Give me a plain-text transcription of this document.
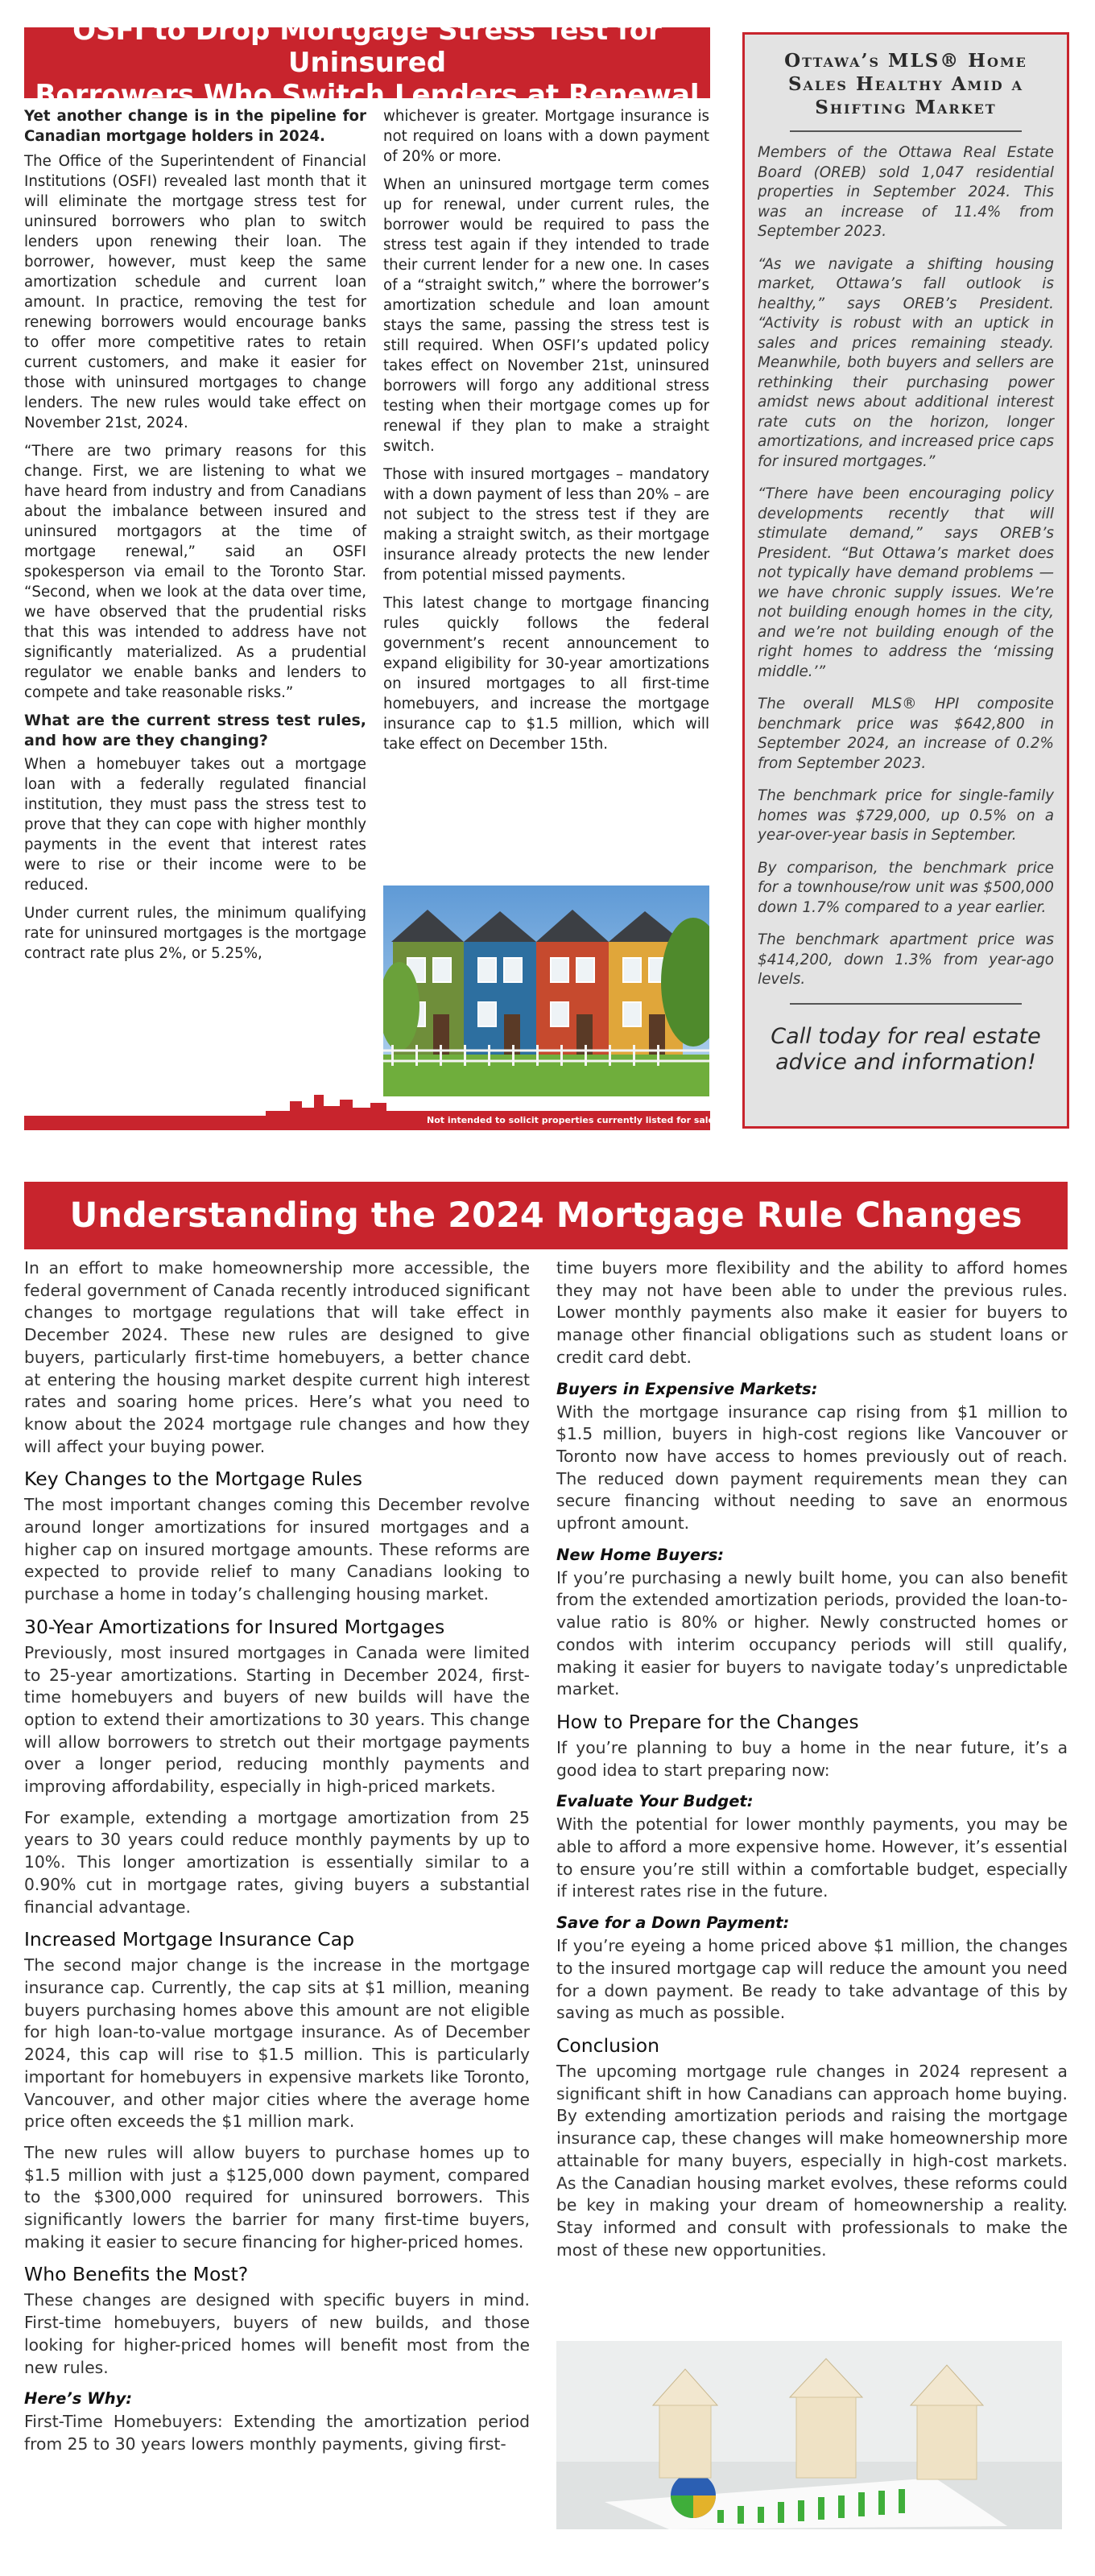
OSFI to Drop Mortgage Stress Test for Uninsured
Borrowers Who Switch Lenders at Renewal

Yet another change is in the pipeline for Canadian mortgage holders in 2024.

The Office of the Superintendent of Financial Institutions (OSFI) revealed last month that it will eliminate the mortgage stress test for uninsured borrowers who plan to switch lenders upon renewing their loan. The borrower, however, must keep the same amortization schedule and current loan amount. In practice, removing the test for renewing borrowers would encourage banks to offer more competitive rates to retain current customers, and make it easier for those with uninsured mortgages to change lenders. The new rules would take effect on November 21st, 2024.

“There are two primary reasons for this change. First, we are listening to what we have heard from industry and from Canadians about the imbalance between insured and uninsured mortgagors at the time of mortgage renewal,” said an OSFI spokesperson via email to the Toronto Star. “Second, when we look at the data over time, we have observed that the prudential risks that this was intended to address have not significantly materialized. As a prudential regulator we enable banks and lenders to compete and take reasonable risks.”

What are the current stress test rules, and how are they changing?

When a homebuyer takes out a mortgage loan with a federally regulated financial institution, they must pass the stress test to prove that they can cope with higher monthly payments in the event that interest rates were to rise or their income were to be reduced.

Under current rules, the minimum qualifying rate for uninsured mortgages is the mortgage contract rate plus 2%, or 5.25%,

whichever is greater. Mortgage insurance is not required on loans with a down payment of 20% or more.

When an uninsured mortgage term comes up for renewal, under current rules, the borrower would be required to pass the stress test again if they intended to trade their current lender for a new one. In cases of a “straight switch,” where the borrower’s amortization schedule and loan amount stays the same, passing the stress test is still required. When OSFI’s updated policy takes effect on November 21st, uninsured borrowers will forgo any additional stress testing when their mortgage comes up for renewal if they plan to make a straight switch.

Those with insured mortgages – mandatory with a down payment of less than 20% – are not subject to the stress test if they are making a straight switch, as their mortgage insurance already protects the new lender from potential missed payments.

This latest change to mortgage financing rules quickly follows the federal government’s recent announcement to expand eligibility for 30-year amortizations on insured mortgages to all first-time homebuyers, and increase the mortgage insurance cap to $1.5 million, which will take effect on December 15th.

Not intended to solicit properties currently listed for sale.
Ottawa’s MLS® Home Sales Healthy Amid a Shifting Market

Members of the Ottawa Real Estate Board (OREB) sold 1,047 residential properties in September 2024. This was an increase of 11.4% from September 2023.

“As we navigate a shifting housing market, Ottawa’s fall outlook is healthy,” says OREB’s President. “Activity is robust with an uptick in sales and prices remaining steady. Meanwhile, both buyers and sellers are rethinking their purchasing power amidst news about additional interest rate cuts on the horizon, longer amortizations, and increased price caps for insured mortgages.”

“There have been encouraging policy developments recently that will stimulate demand,” says OREB’s President. “But Ottawa’s market does not typically have demand problems — we have chronic supply issues. We’re not building enough homes in the city, and we’re not building enough of the right homes to address the ‘missing middle.’”

The overall MLS® HPI composite benchmark price was $642,800 in September 2024, an increase of 0.2% from September 2023.

The benchmark price for single-family homes was $729,000, up 0.5% on a year-over-year basis in September.

By comparison, the benchmark price for a townhouse/row unit was $500,000 down 1.7% compared to a year earlier.

The benchmark apartment price was $414,200, down 1.3% from year-ago levels.

Call today for real estate advice and information!
Understanding the 2024 Mortgage Rule Changes

In an effort to make homeownership more accessible, the federal government of Canada recently introduced significant changes to mortgage regulations that will take effect in December 2024. These new rules are designed to give buyers, particularly first-time homebuyers, a better chance at entering the housing market despite current high interest rates and soaring home prices. Here’s what you need to know about the 2024 mortgage rule changes and how they will affect your buying power.

Key Changes to the Mortgage Rules

The most important changes coming this December revolve around longer amortizations for insured mortgages and a higher cap on insured mortgage amounts. These reforms are expected to provide relief to many Canadians looking to purchase a home in today’s challenging housing market.

30-Year Amortizations for Insured Mortgages

Previously, most insured mortgages in Canada were limited to 25-year amortizations. Starting in December 2024, first-time homebuyers and buyers of new builds will have the option to extend their amortizations to 30 years. This change will allow borrowers to stretch out their mortgage payments over a longer period, reducing monthly payments and improving affordability, especially in high-priced markets.

For example, extending a mortgage amortization from 25 years to 30 years could reduce monthly payments by up to 10%. This longer amortization is essentially similar to a 0.90% cut in mortgage rates, giving buyers a substantial financial advantage.

Increased Mortgage Insurance Cap

The second major change is the increase in the mortgage insurance cap. Currently, the cap sits at $1 million, meaning buyers purchasing homes above this amount are not eligible for high loan-to-value mortgage insurance. As of December 2024, this cap will rise to $1.5 million. This is particularly important for homebuyers in expensive markets like Toronto, Vancouver, and other major cities where the average home price often exceeds the $1 million mark.

The new rules will allow buyers to purchase homes up to $1.5 million with just a $125,000 down payment, compared to the $300,000 required for uninsured borrowers. This significantly lowers the barrier for many first-time buyers, making it easier to secure financing for higher-priced homes.

Who Benefits the Most?

These changes are designed with specific buyers in mind. First-time homebuyers, buyers of new builds, and those looking for higher-priced homes will benefit most from the new rules.

Here’s Why:

First-Time Homebuyers: Extending the amortization period from 25 to 30 years lowers monthly payments, giving first-

time buyers more flexibility and the ability to afford homes they may not have been able to under the previous rules. Lower monthly payments also make it easier for buyers to manage other financial obligations such as student loans or credit card debt.

Buyers in Expensive Markets:

With the mortgage insurance cap rising from $1 million to $1.5 million, buyers in high-cost regions like Vancouver or Toronto now have access to homes previously out of reach. The reduced down payment requirements mean they can secure financing without needing to save an enormous upfront amount.

New Home Buyers:

If you’re purchasing a newly built home, you can also benefit from the extended amortization periods, provided the loan-to-value ratio is 80% or higher. Newly constructed homes or condos with interim occupancy periods will still qualify, making it easier for buyers to navigate today’s unpredictable market.

How to Prepare for the Changes

If you’re planning to buy a home in the near future, it’s a good idea to start preparing now:

Evaluate Your Budget:

With the potential for lower monthly payments, you may be able to afford a more expensive home. However, it’s essential to ensure you’re still within a comfortable budget, especially if interest rates rise in the future.

Save for a Down Payment:

If you’re eyeing a home priced above $1 million, the changes to the insured mortgage cap will reduce the amount you need for a down payment. Be ready to take advantage of this by saving as much as possible.

Conclusion

The upcoming mortgage rule changes in 2024 represent a significant shift in how Canadians can approach home buying. By extending amortization periods and raising the mortgage insurance cap, these changes will make homeownership more attainable for many buyers, especially in high-cost markets. As the Canadian housing market evolves, these reforms could be key in making your dream of homeownership a reality. Stay informed and consult with professionals to make the most of these new opportunities.
